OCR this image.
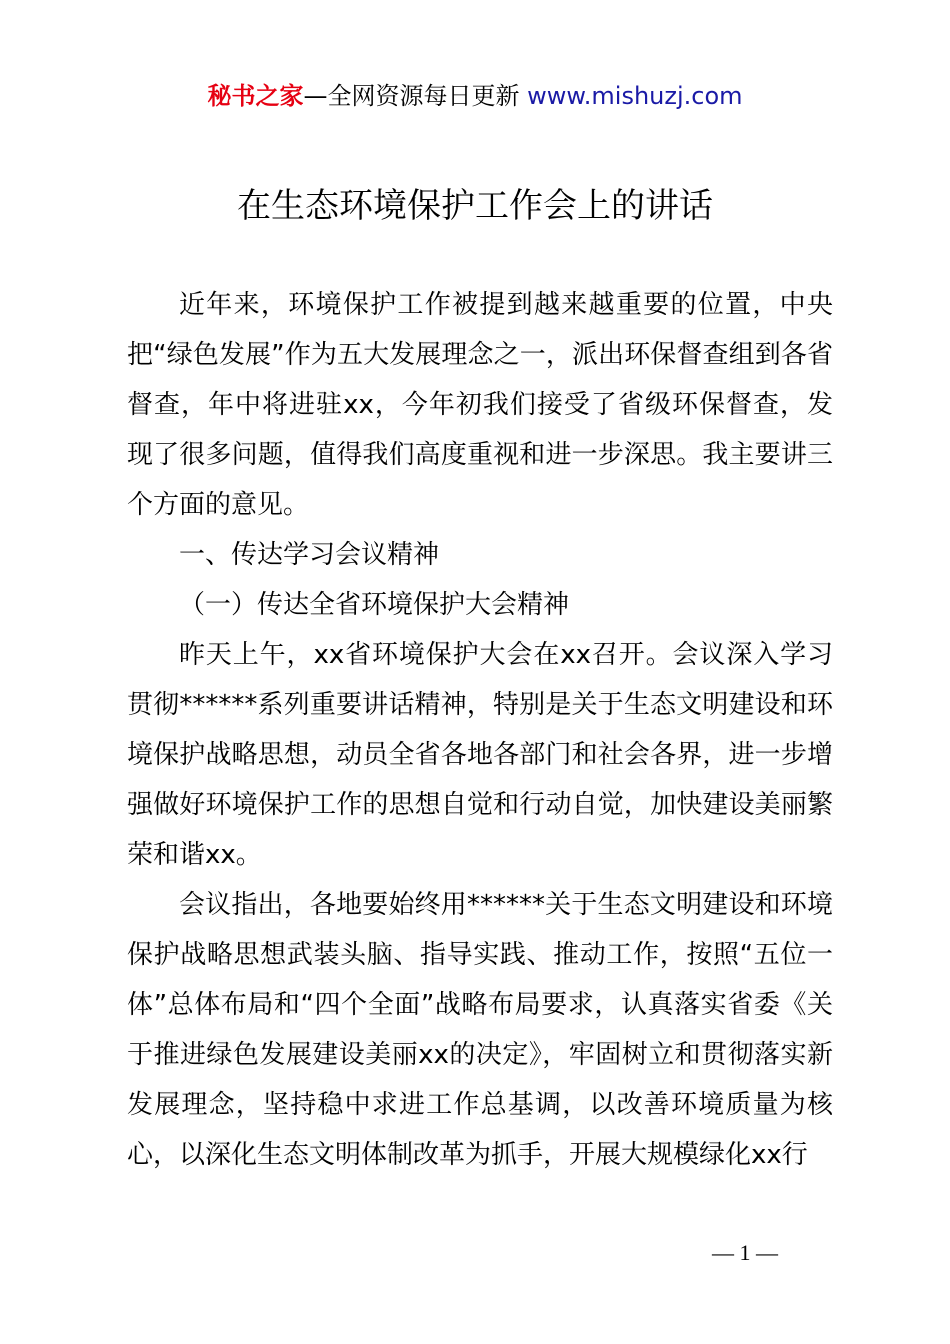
秘书之家—全网资源每日更新 www.mishuzj.com
在生态环境保护工作会上的讲话

近年来，环境保护工作被提到越来越重要的位置，中央把“绿色发展”作为五大发展理念之一，派出环保督查组到各省督查，年中将进驻xx，今年初我们接受了省级环保督查，发现了很多问题，值得我们高度重视和进一步深思。我主要讲三个方面的意见。

一、传达学习会议精神

（一）传达全省环境保护大会精神

昨天上午，xx省环境保护大会在xx召开。会议深入学习贯彻******系列重要讲话精神，特别是关于生态文明建设和环境保护战略思想，动员全省各地各部门和社会各界，进一步增强做好环境保护工作的思想自觉和行动自觉，加快建设美丽繁荣和谐xx。

会议指出，各地要始终用******关于生态文明建设和环境保护战略思想武装头脑、指导实践、推动工作，按照“五位一体”总体布局和“四个全面”战略布局要求，认真落实省委《关于推进绿色发展建设美丽xx的决定》，牢固树立和贯彻落实新发展理念，坚持稳中求进工作总基调，以改善环境质量为核心，以深化生态文明体制改革为抓手，开展大规模绿化xx行

— 1 —
